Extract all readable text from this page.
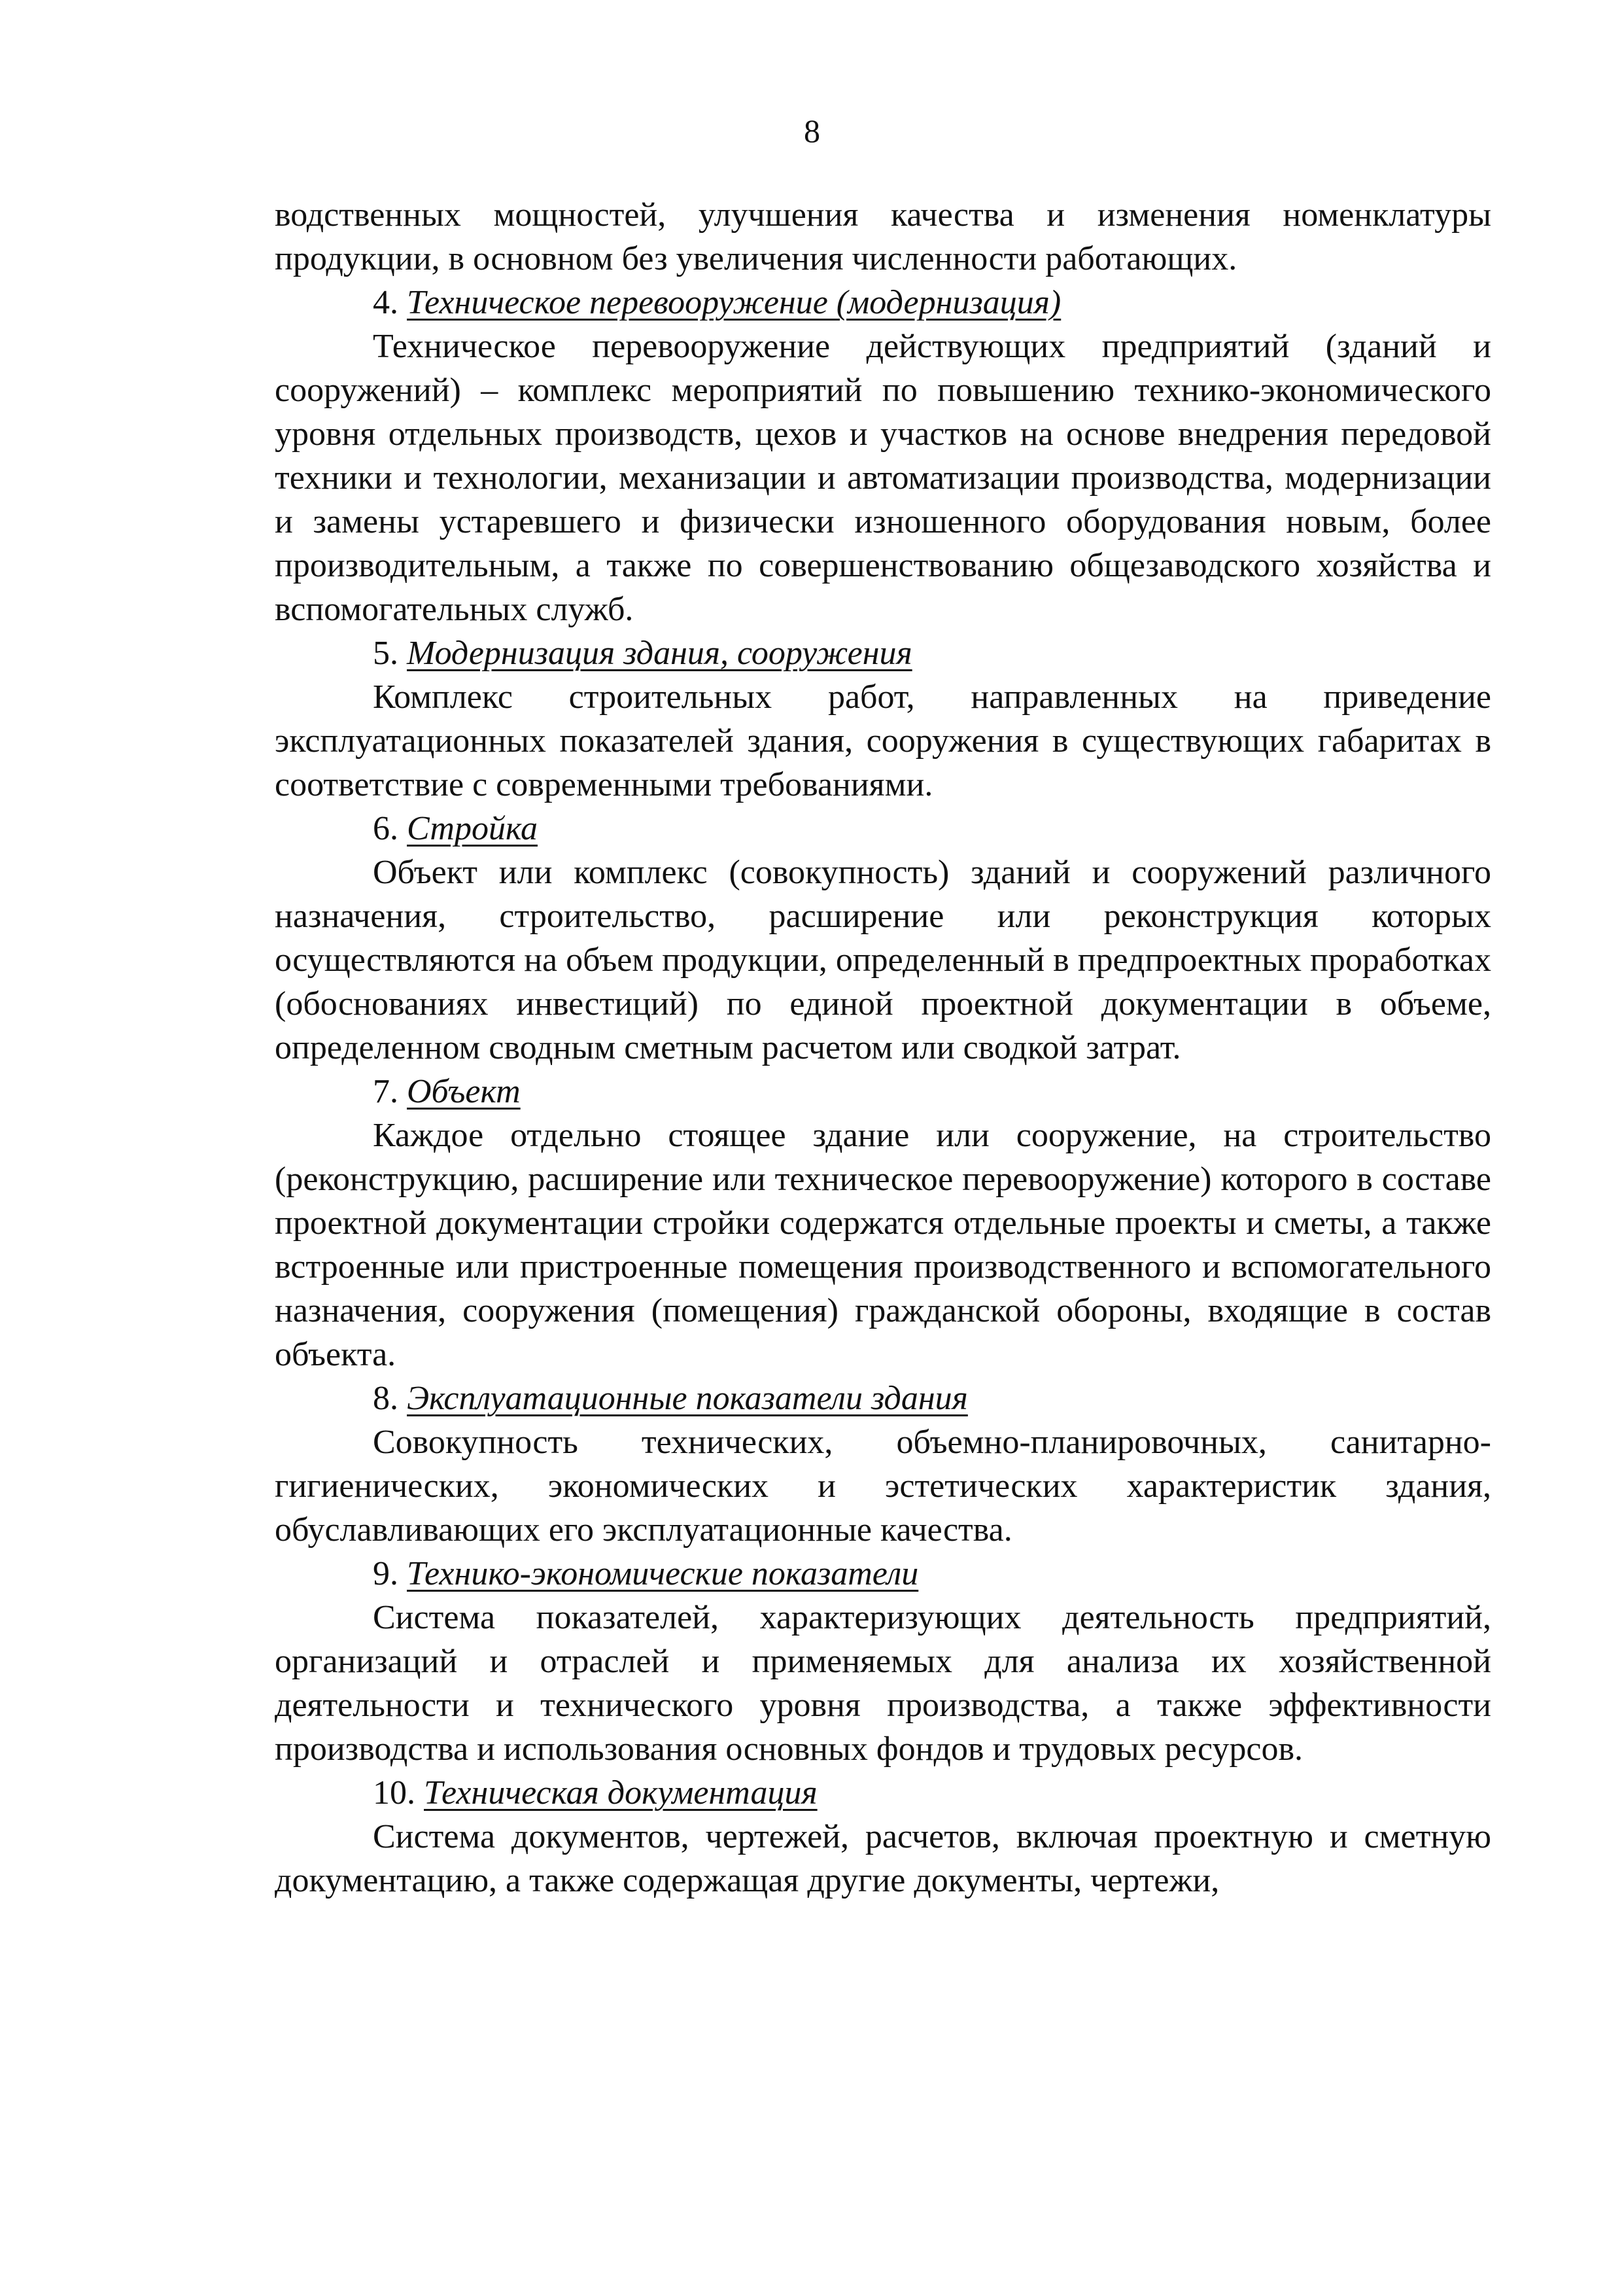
8

водственных мощностей, улучшения качества и изменения номенклатуры продукции, в основном без увеличения численности работающих.

4. Техническое перевооружение (модернизация)

Техническое перевооружение действующих предприятий (зданий и сооружений) – комплекс мероприятий по повышению технико-экономического уровня отдельных производств, цехов и участков на основе внедрения передовой техники и технологии, механизации и автоматизации производства, модернизации и замены устаревшего и физически изношенного оборудования новым, более производительным, а также по совершенствованию общезаводского хозяйства и вспомогательных служб.

5. Модернизация здания, сооружения

Комплекс строительных работ, направленных на приведение эксплуатационных показателей здания, сооружения в существующих габаритах в соответствие с современными требованиями.

6. Стройка

Объект или комплекс (совокупность) зданий и сооружений различного назначения, строительство, расширение или реконструкция которых осуществляются на объем продукции, определенный в предпроектных проработках (обоснованиях инвестиций) по единой проектной документации в объеме, определенном сводным сметным расчетом или сводкой затрат.

7. Объект

Каждое отдельно стоящее здание или сооружение, на строительство (реконструкцию, расширение или техническое перевооружение) которого в составе проектной документации стройки содержатся отдельные проекты и сметы, а также встроенные или пристроенные помещения производственного и вспомогательного назначения, сооружения (помещения) гражданской обороны, входящие в состав объекта.

8. Эксплуатационные показатели здания

Совокупность технических, объемно-планировочных, санитарно-гигиенических, экономических и эстетических характеристик здания, обуславливающих его эксплуатационные качества.

9. Технико-экономические показатели

Система показателей, характеризующих деятельность предприятий, организаций и отраслей и применяемых для анализа их хозяйственной деятельности и технического уровня производства, а также эффективности производства и использования основных фондов и трудовых ресурсов.

10. Техническая документация

Система документов, чертежей, расчетов, включая проектную и сметную документацию, а также содержащая другие документы, чертежи,
